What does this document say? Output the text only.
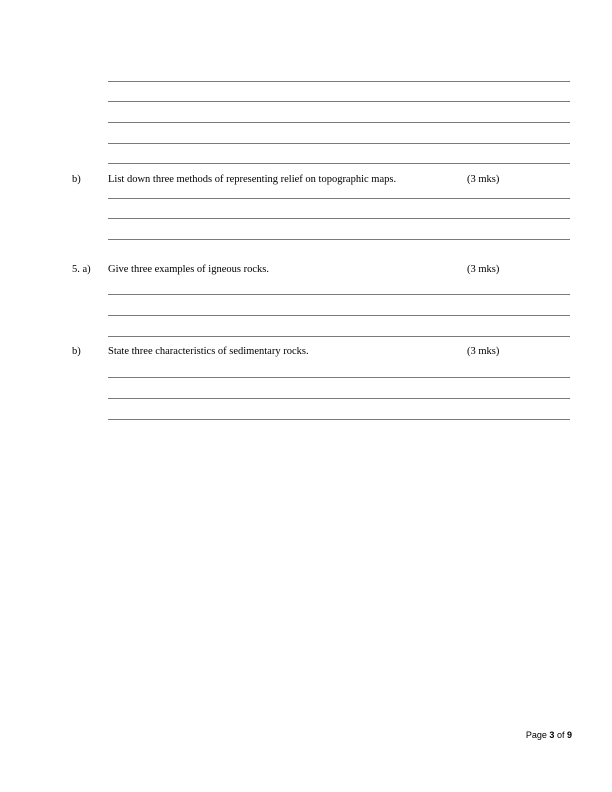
b)	List down three methods of representing relief on topographic maps.	(3 mks)
5. a) Give three examples of igneous rocks.	(3 mks)
b)	State three characteristics of sedimentary rocks.	(3 mks)
Page 3 of 9
